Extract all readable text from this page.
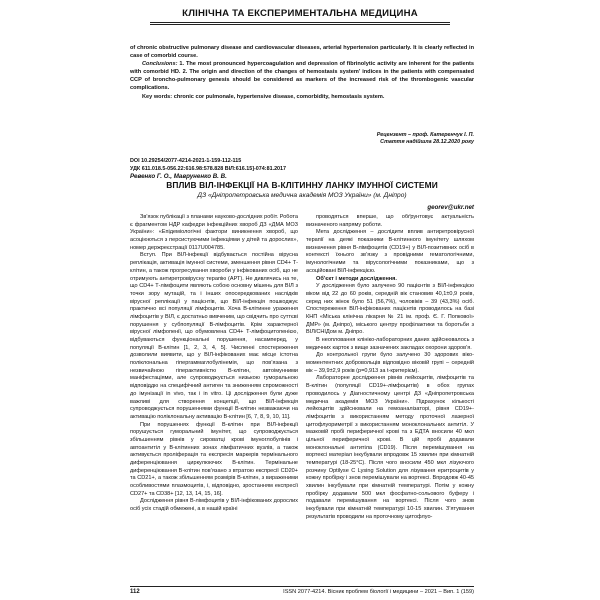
КЛІНІЧНА ТА ЕКСПЕРИМЕНТАЛЬНА МЕДИЦИНА

of chronic obstructive pulmonary disease and cardiovascular diseases, arterial hypertension particularly. It is clearly reflected in case of comorbid course.

Conclusions: 1. The most pronounced hypercoagulation and depression of fibrinolytic activity are inherent for the patients with comorbid HD. 2. The origin and direction of the changes of hemostasis system’ indices in the patients with compensated CCP of broncho-pulmonary genesis should be considered as markers of the increased risk of the thrombogenic vascular complications.

Key words: chronic cor pulmonale, hypertensive disease, comorbidity, hemostasis system.

Рецензент – проф. Катеренчук І. П.
Стаття надійшла 28.12.2020 року
DOI 10.29254/2077-4214-2021-1-159-112-115
УДК 611.018.5-056.22:616.98:578.828 ВІЛ:616.15]-074:81.2017
Ревенко Г. О., Мавруненко В. В.
ВПЛИВ ВІЛ-ІНФЕКЦІЇ НА В-КЛІТИННУ ЛАНКУ ІМУННОЇ СИСТЕМИ
ДЗ «Дніпропетровська медична академія МОЗ України» (м. Дніпро)
georev@ukr.net

Зв’язок публікації з планами науково-дослідних робіт. Робота є фрагментом НДР кафедри інфекційних хвороб ДЗ «ДМА МОЗ України»: «Епідеміологічні фактори виникнення хвороб, що асоціюються з персистуючими інфекціями у дітей та дорослих», номер держреєстрації 0117U004785.

Вступ. При ВІЛ-інфекції відбувається постійна вірусна реплікація, активація імунної системи, зменшення рівня CD4+ Т-клітин, а також прогресування хвороби у інфікованих осіб, що не отримують антиретровірусну терапію (АРТ). Не дивлячись на те, що CD4+ Т-лімфоцити являють собою основну мішень для ВІЛ з точки зору мутацій, та і інших опосередкованих наслідків вірусної реплікації у пацієнтів, що ВІЛ-інфекція пошкоджує практично всі популяції лімфоцитів. Хоча В-клітинне ураження лімфоцитів у ВІЛ, є достатньо вивченим, що свідчить про суттєві порушення у субпопуляції В-лімфоцитів. Крім характерної вірусної лімфопенії, що обумовлена CD4+ Т-лімфоцитопенією, відбуваються функціональні порушення, насамперед, у популяції В-клітин [1, 2, 3, 4, 5]. Численні спостереження дозволили виявити, що у ВІЛ-інфікованих має місце істотна поліклональна гіпергаммаглобулінемія, що пов’язана з незвичайною гіперактивністю В-клітин, автоімунними маніфестаціями, але супроводжується низькою гуморальною відповіддю на специфічний антиген та зниженням спроможності до імунізації in vivo, так і in vitro. Ці дослідження були дуже важливі для створення концепції, що ВІЛ-інфекція супроводжується порушеннями функції В-клітин незважаючи на активацію поліклональну активацію В-клітин [6, 7, 8, 9, 10, 11].

При порушеннях функції В-клітин при ВІЛ-інфекції порушується гуморальний імунітет, що супроводжується збільшенням рівнів у сироватці крові імуноглобулінів і автоантитіл у В-клітинних зонах лімфатичних вузлів, а також активується проліферація та експресія маркерів термінального диференціювання циркулюючих В-клітин. Термінальне диференціювання В-клітин пов’язано з втратою експресії CD20+ та CD21+, а також збільшенням розмірів В-клітин, з вираженими особливостями плазмоцитів, і, відповідно, зростанням експресії CD27+ та CD38+ [12, 13, 14, 15, 16].

Дослідження рівня В-лімфоцитів у ВІЛ-інфікованих дорослих осіб усіх стадій обмежені, а в нашій країні

проводяться вперше, що обґрунтовує актуальність визначеного напряму роботи.

Мета дослідження – дослідити вплив антиретровірусної терапії на деякі показники В-клітинного імунітету шляхом визначення рівня В-лімфоцитів (CD19+) у ВІЛ-позитивних осіб в контексті їхнього зв’язку з провідними гематологічними, імунологічними та вірусологічними показниками, що з асоційовані ВІЛ-інфекцією.

Об’єкт і методи дослідження.

У дослідження було залучено 90 пацієнтів з ВІЛ-інфекцією віком від 22 до 60 років, середній вік становив 40,1±0,9 років, серед них жінок було 51 (56,7%), чоловіків – 39 (43,3%) осіб. Спостереження ВІЛ-інфікованих пацієнтів проводилось на базі КНП «Міська клінічна лікарня № 21 ім. проф. Є. Г. Попкової» ДМР» (м. Дніпро), міського центру профілактики та боротьби з ВІЛ/СНІДом м. Дніпро.

В неопловання клініко-лабораторних даних здійснювалось з медичних карток з вище зазначених закладах охорони здоров’я.

До контрольної групи було залучено 30 здорових віко-моментентних добровольців відповідно віковій групі – середній вік – 39,9±2,9 років (p=0,913 за t-критерієм).

Лабораторне дослідження рівнів лейкоцитів, лімфоцитів та В-клітин (популяції CD19+-лімфоцитів) в обох групах проводилось у Діагностичному центрі ДЗ «Дніпропетровська медична академія МОЗ України». Підрахунок кількості лейкоцитів здійснювали на гемоаналізаторі, рівня CD19+-лімфоцитів з використанням методу проточної лазерної цитофлуориметрії з використанням моноклональних антитіл. У мазковій пробі периферичної крові та з ЕДТА вносили 40 мкл цільної периферичної крові. В цій пробі додавали моноклональні антитіла (CD19). Після перемішування на вортексі матеріал інкубували впродовж 15 хвилин при кімнатній температурі (18-25°С). Після чого вносили 450 мкл лізуючого розчину Optilyse C Lysing Solution для лізування еритроцитів у кожну пробірку і знов перемішували на вортексі. Впродовж 40-45 хвилин інкубували при кімнатній температурі. Потім у кожну пробірку додавали 500 мкл фосфатно-сольового буферу і подавали перемішування на вортексі. Після чого знов інкубували при кімнатній температурі 10-15 хвилин. З’ятування результатів проводили на проточному цитофлуо-

112	ISSN 2077-4214. Вісник проблем біології і медицини – 2021 – Вип. 1 (159)
